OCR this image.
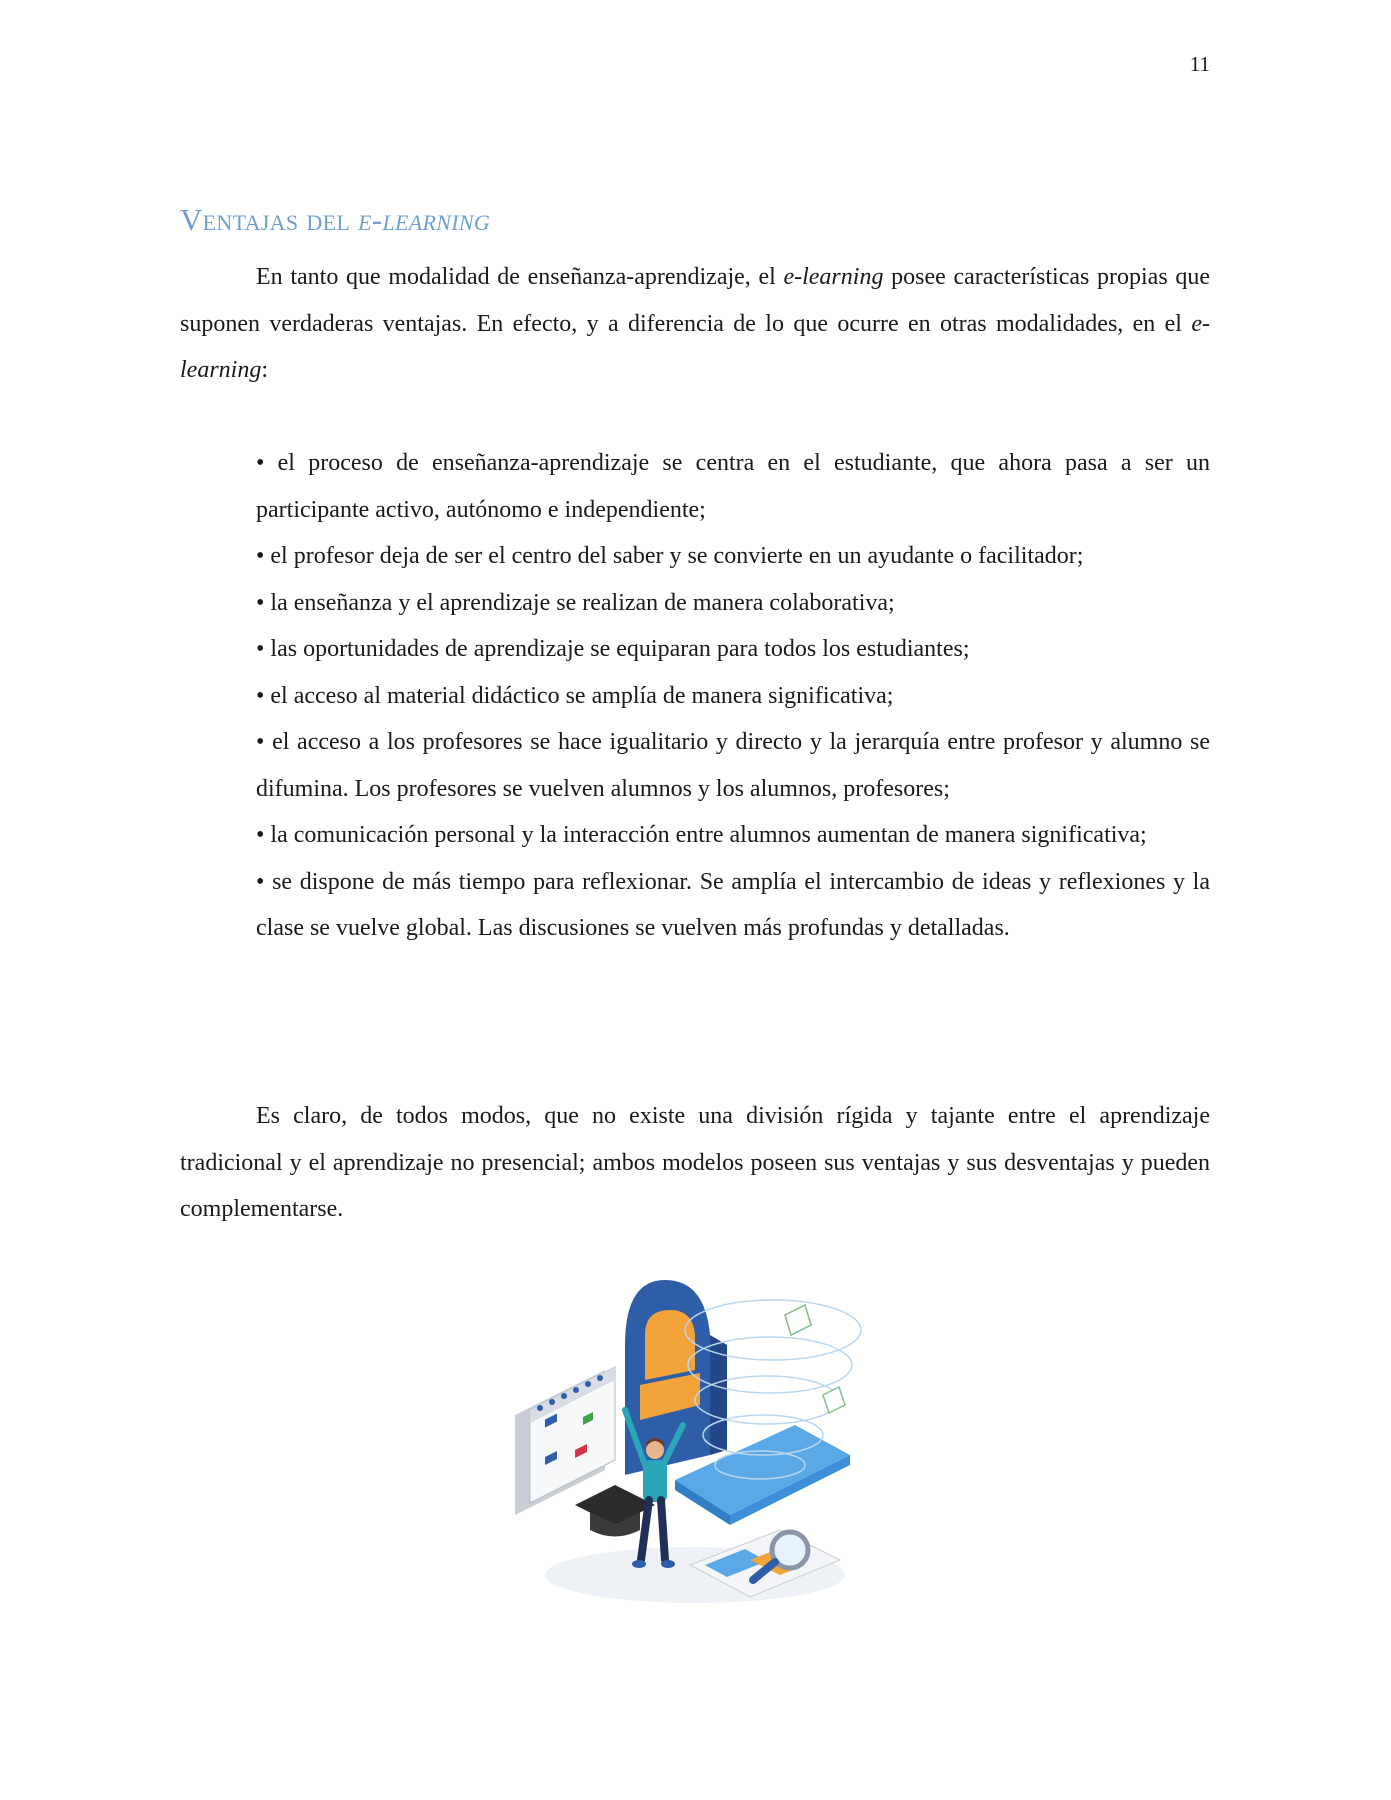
11
Ventajas del e-learning

En tanto que modalidad de enseñanza-aprendizaje, el e-learning posee características propias que suponen verdaderas ventajas. En efecto, y a diferencia de lo que ocurre en otras modalidades, en el e-learning:

• el proceso de enseñanza-aprendizaje se centra en el estudiante, que ahora pasa a ser un participante activo, autónomo e independiente;
• el profesor deja de ser el centro del saber y se convierte en un ayudante o facilitador;
• la enseñanza y el aprendizaje se realizan de manera colaborativa;
• las oportunidades de aprendizaje se equiparan para todos los estudiantes;
• el acceso al material didáctico se amplía de manera significativa;
• el acceso a los profesores se hace igualitario y directo y la jerarquía entre profesor y alumno se difumina. Los profesores se vuelven alumnos y los alumnos, profesores;
• la comunicación personal y la interacción entre alumnos aumentan de manera significativa;
• se dispone de más tiempo para reflexionar. Se amplía el intercambio de ideas y reflexiones y la clase se vuelve global. Las discusiones se vuelven más profundas y detalladas.

Es claro, de todos modos, que no existe una división rígida y tajante entre el aprendizaje tradicional y el aprendizaje no presencial; ambos modelos poseen sus ventajas y sus desventajas y pueden complementarse.
